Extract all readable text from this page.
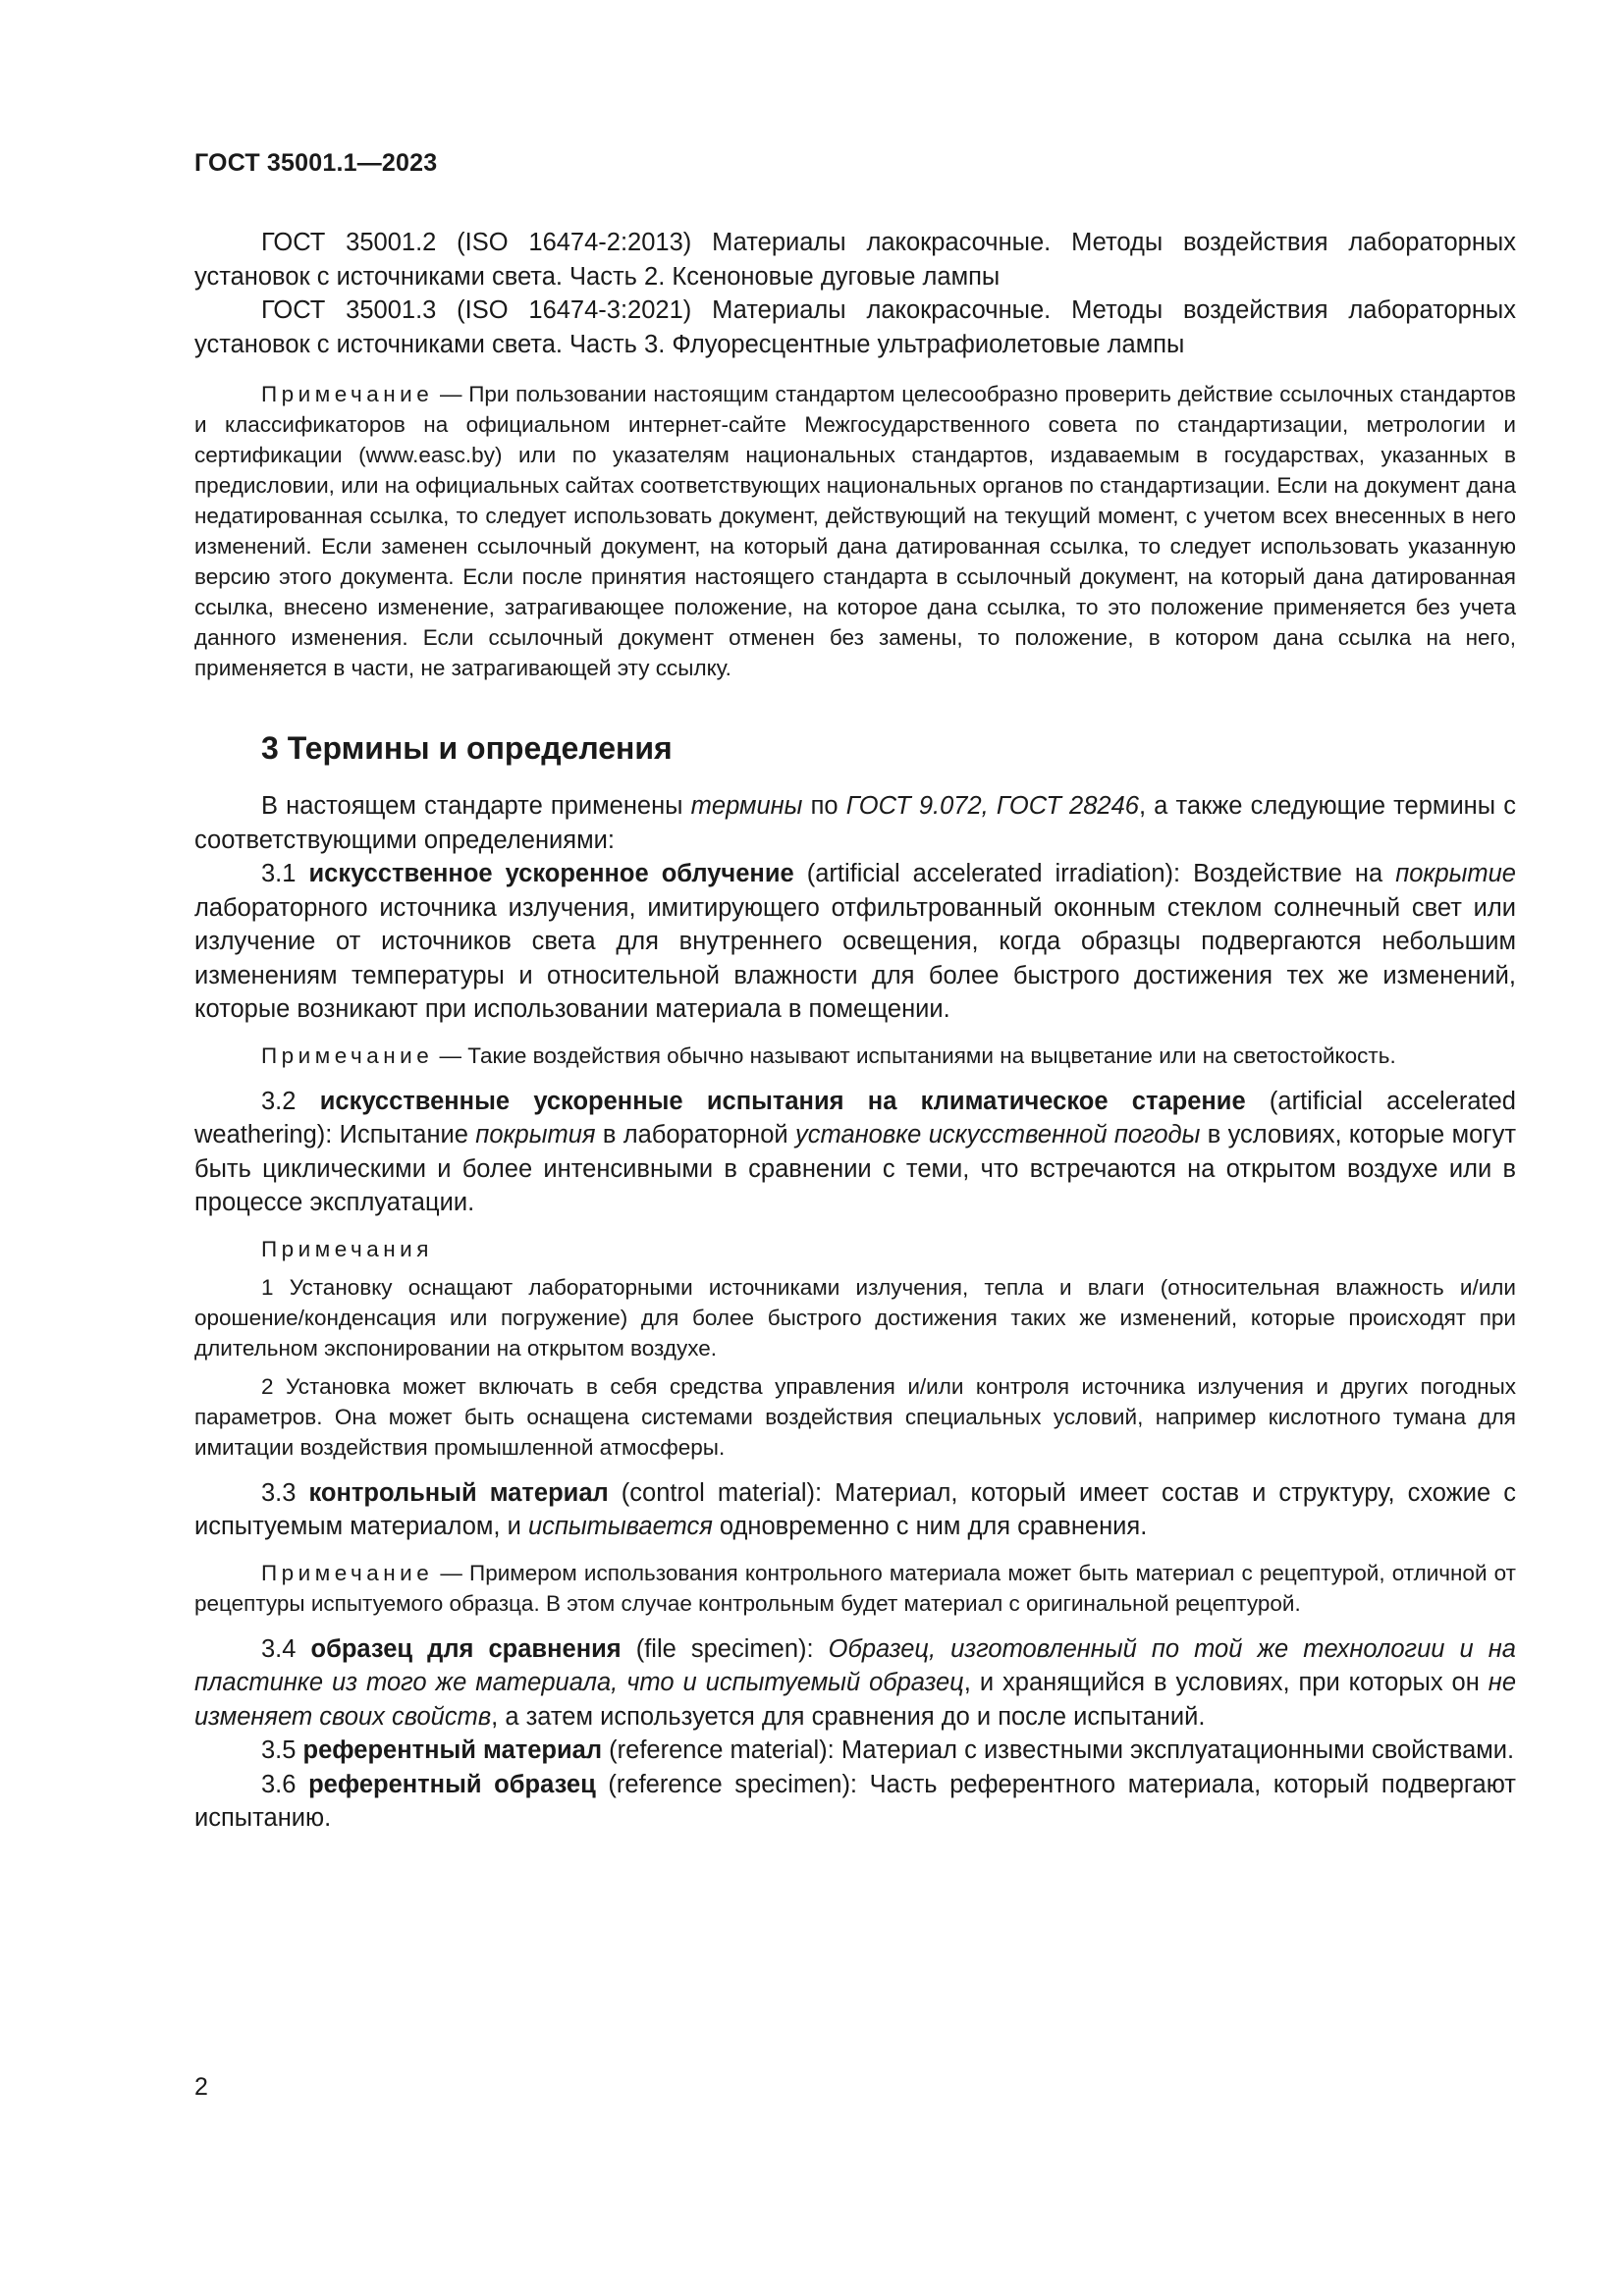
ГОСТ 35001.1—2023

ГОСТ 35001.2 (ISO 16474-2:2013) Материалы лакокрасочные. Методы воздействия лабораторных установок с источниками света. Часть 2. Ксеноновые дуговые лампы

ГОСТ 35001.3 (ISO 16474-3:2021) Материалы лакокрасочные. Методы воздействия лабораторных установок с источниками света. Часть 3. Флуоресцентные ультрафиолетовые лампы

Примечание — При пользовании настоящим стандартом целесообразно проверить действие ссылочных стандартов и классификаторов на официальном интернет-сайте Межгосударственного совета по стандартизации, метрологии и сертификации (www.easc.by) или по указателям национальных стандартов, издаваемым в государствах, указанных в предисловии, или на официальных сайтах соответствующих национальных органов по стандартизации. Если на документ дана недатированная ссылка, то следует использовать документ, действующий на текущий момент, с учетом всех внесенных в него изменений. Если заменен ссылочный документ, на который дана датированная ссылка, то следует использовать указанную версию этого документа. Если после принятия настоящего стандарта в ссылочный документ, на который дана датированная ссылка, внесено изменение, затрагивающее положение, на которое дана ссылка, то это положение применяется без учета данного изменения. Если ссылочный документ отменен без замены, то положение, в котором дана ссылка на него, применяется в части, не затрагивающей эту ссылку.

3 Термины и определения

В настоящем стандарте применены термины по ГОСТ 9.072, ГОСТ 28246, а также следующие термины с соответствующими определениями:

3.1 искусственное ускоренное облучение (artificial accelerated irradiation): Воздействие на покрытие лабораторного источника излучения, имитирующего отфильтрованный оконным стеклом солнечный свет или излучение от источников света для внутреннего освещения, когда образцы подвергаются небольшим изменениям температуры и относительной влажности для более быстрого достижения тех же изменений, которые возникают при использовании материала в помещении.

Примечание — Такие воздействия обычно называют испытаниями на выцветание или на светостойкость.

3.2 искусственные ускоренные испытания на климатическое старение (artificial accelerated weathering): Испытание покрытия в лабораторной установке искусственной погоды в условиях, которые могут быть циклическими и более интенсивными в сравнении с теми, что встречаются на открытом воздухе или в процессе эксплуатации.

Примечания

1 Установку оснащают лабораторными источниками излучения, тепла и влаги (относительная влажность и/или орошение/конденсация или погружение) для более быстрого достижения таких же изменений, которые происходят при длительном экспонировании на открытом воздухе.

2 Установка может включать в себя средства управления и/или контроля источника излучения и других погодных параметров. Она может быть оснащена системами воздействия специальных условий, например кислотного тумана для имитации воздействия промышленной атмосферы.

3.3 контрольный материал (control material): Материал, который имеет состав и структуру, схожие с испытуемым материалом, и испытывается одновременно с ним для сравнения.

Примечание — Примером использования контрольного материала может быть материал с рецептурой, отличной от рецептуры испытуемого образца. В этом случае контрольным будет материал с оригинальной рецептурой.

3.4 образец для сравнения (file specimen): Образец, изготовленный по той же технологии и на пластинке из того же материала, что и испытуемый образец, и хранящийся в условиях, при которых он не изменяет своих свойств, а затем используется для сравнения до и после испытаний.

3.5 референтный материал (reference material): Материал с известными эксплуатационными свойствами.

3.6 референтный образец (reference specimen): Часть референтного материала, который подвергают испытанию.

2
